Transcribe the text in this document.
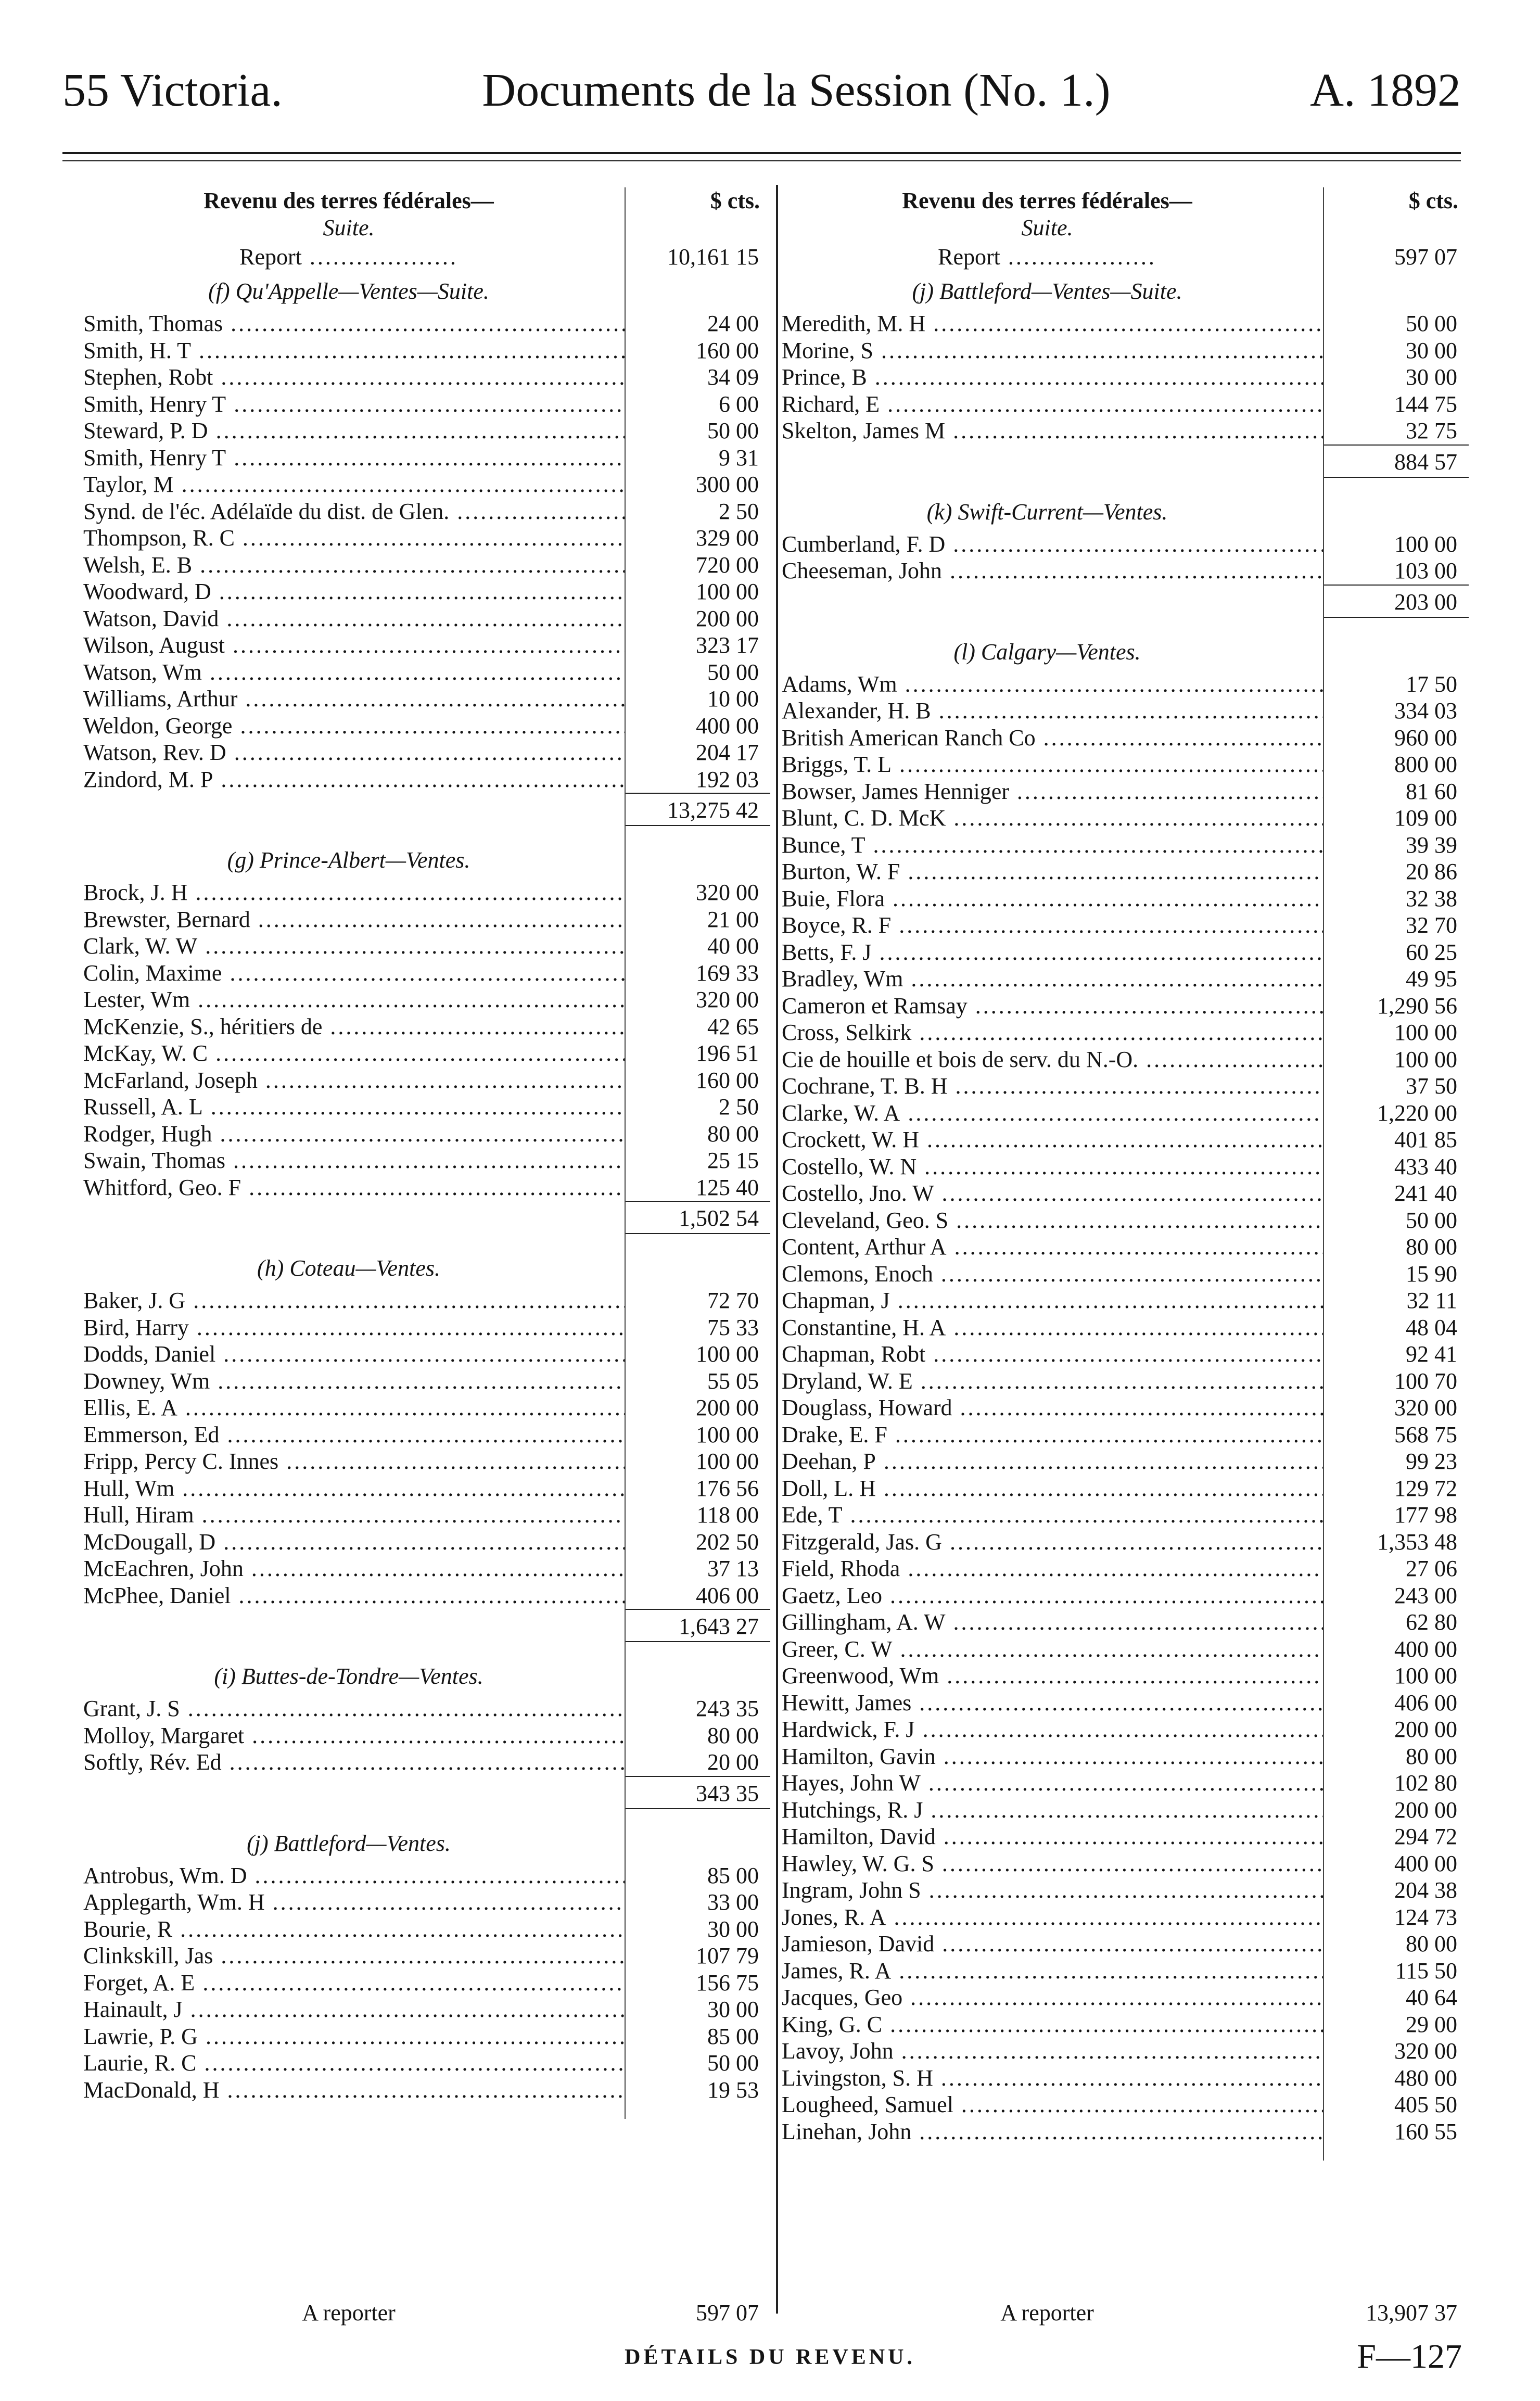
55 Victoria.	Documents de la Session (No. 1.)	A. 1892
Revenu des terres fédérales—	$ cts.
Suite.
Report .....	10,161 15
(f) Qu'Appelle—Ventes—Suite.
Smith, Thomas .....	24 00
Smith, H. T .....	160 00
Stephen, Robt .....	34 09
Smith, Henry T .....	6 00
Steward, P. D .....	50 00
Smith, Henry T .....	9 31
Taylor, M .....	300 00
Synd. de l'éc. Adélaïde du dist. de Glen. .....	2 50
Thompson, R. C .....	329 00
Welsh, E. B .....	720 00
Woodward, D .....	100 00
Watson, David .....	200 00
Wilson, August .....	323 17
Watson, Wm .....	50 00
Williams, Arthur .....	10 00
Weldon, George .....	400 00
Watson, Rev. D .....	204 17
Zindord, M. P .....	192 03
13,275 42
(g) Prince-Albert—Ventes.
Brock, J. H .....	320 00
Brewster, Bernard .....	21 00
Clark, W. W .....	40 00
Colin, Maxime .....	169 33
Lester, Wm .....	320 00
McKenzie, S., héritiers de .....	42 65
McKay, W. C .....	196 51
McFarland, Joseph .....	160 00
Russell, A. L .....	2 50
Rodger, Hugh .....	80 00
Swain, Thomas .....	25 15
Whitford, Geo. F .....	125 40
1,502 54
(h) Coteau—Ventes.
Baker, J. G .....	72 70
Bird, Harry .....	75 33
Dodds, Daniel .....	100 00
Downey, Wm .....	55 05
Ellis, E. A .....	200 00
Emmerson, Ed .....	100 00
Fripp, Percy C. Innes .....	100 00
Hull, Wm .....	176 56
Hull, Hiram .....	118 00
McDougall, D .....	202 50
McEachren, John .....	37 13
McPhee, Daniel .....	406 00
1,643 27
(i) Buttes-de-Tondre—Ventes.
Grant, J. S .....	243 35
Molloy, Margaret .....	80 00
Softly, Rév. Ed .....	20 00
343 35
(j) Battleford—Ventes.
Antrobus, Wm. D .....	85 00
Applegarth, Wm. H .....	33 00
Bourie, R .....	30 00
Clinkskill, Jas .....	107 79
Forget, A. E .....	156 75
Hainault, J .....	30 00
Lawrie, P. G .....	85 00
Laurie, R. C .....	50 00
MacDonald, H .....	19 53
Revenu des terres fédérales—	$ cts.
Suite.
Report .....	597 07
(j) Battleford—Ventes—Suite.
Meredith, M. H .....	50 00
Morine, S .....	30 00
Prince, B .....	30 00
Richard, E .....	144 75
Skelton, James M .....	32 75
884 57
(k) Swift-Current—Ventes.
Cumberland, F. D .....	100 00
Cheeseman, John .....	103 00
203 00
(l) Calgary—Ventes.
Adams, Wm .....	17 50
Alexander, H. B .....	334 03
British American Ranch Co .....	960 00
Briggs, T. L .....	800 00
Bowser, James Henniger .....	81 60
Blunt, C. D. McK .....	109 00
Bunce, T .....	39 39
Burton, W. F .....	20 86
Buie, Flora .....	32 38
Boyce, R. F .....	32 70
Betts, F. J .....	60 25
Bradley, Wm .....	49 95
Cameron et Ramsay .....	1,290 56
Cross, Selkirk .....	100 00
Cie de houille et bois de serv. du N.-O. .....	100 00
Cochrane, T. B. H .....	37 50
Clarke, W. A .....	1,220 00
Crockett, W. H .....	401 85
Costello, W. N .....	433 40
Costello, Jno. W .....	241 40
Cleveland, Geo. S .....	50 00
Content, Arthur A .....	80 00
Clemons, Enoch .....	15 90
Chapman, J .....	32 11
Constantine, H. A .....	48 04
Chapman, Robt .....	92 41
Dryland, W. E .....	100 70
Douglass, Howard .....	320 00
Drake, E. F .....	568 75
Deehan, P .....	99 23
Doll, L. H .....	129 72
Ede, T .....	177 98
Fitzgerald, Jas. G .....	1,353 48
Field, Rhoda .....	27 06
Gaetz, Leo .....	243 00
Gillingham, A. W .....	62 80
Greer, C. W .....	400 00
Greenwood, Wm .....	100 00
Hewitt, James .....	406 00
Hardwick, F. J .....	200 00
Hamilton, Gavin .....	80 00
Hayes, John W .....	102 80
Hutchings, R. J .....	200 00
Hamilton, David .....	294 72
Hawley, W. G. S .....	400 00
Ingram, John S .....	204 38
Jones, R. A .....	124 73
Jamieson, David .....	80 00
James, R. A .....	115 50
Jacques, Geo .....	40 64
King, G. C .....	29 00
Lavoy, John .....	320 00
Livingston, S. H .....	480 00
Lougheed, Samuel .....	405 50
Linehan, John .....	160 55
A reporter	597 07	A reporter	13,907 37
DÉTAILS DU REVENU.	F—127
